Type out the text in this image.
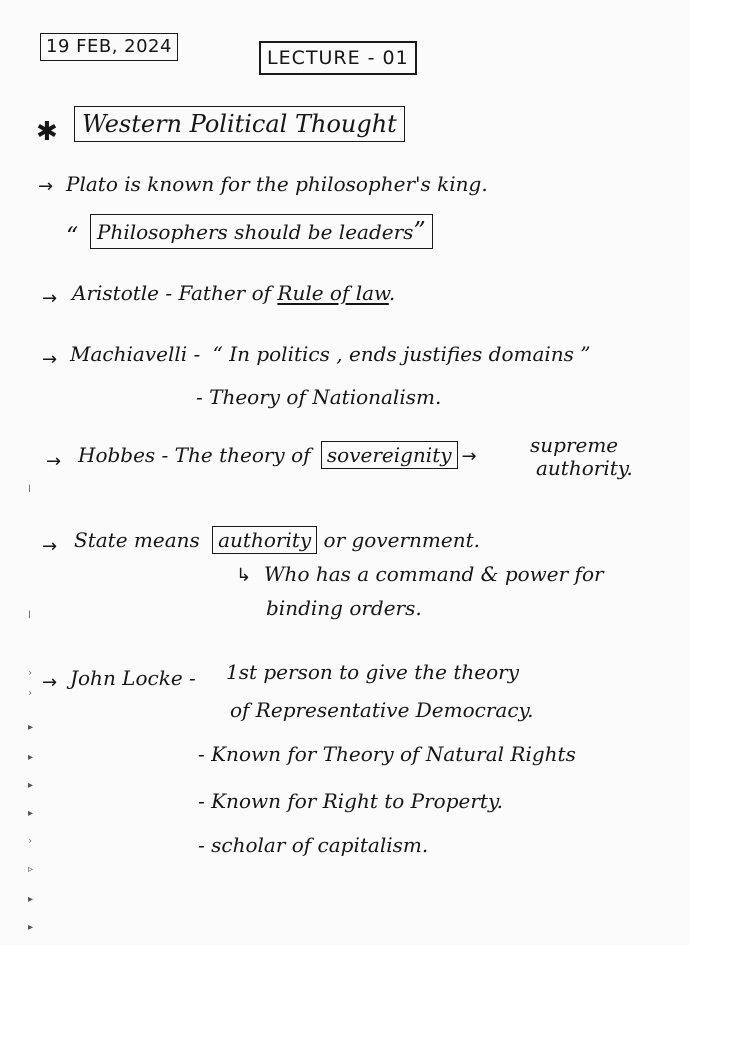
19 FEB, 2024
LECTURE - 01
✱	Western Political Thought
→ Plato is known for the philosopher's king.
“ Philosophers should be leaders”
→ Aristotle - Father of Rule of law.
→ Machiavelli - “ In politics , ends justifies domains ”
- Theory of Nationalism.
→ Hobbes - The theory of sovereignity →	supreme
authority.
→ State means authority or government.
↳ Who has a command & power for
binding orders.
→ John Locke - 1st person to give the theory
of Representative Democracy.
- Known for Theory of Natural Rights
- Known for Right to Property.
- scholar of capitalism.
ǀ
ǀ
›
›
▸
▸
▸
▸
›
▹
▸
▸
